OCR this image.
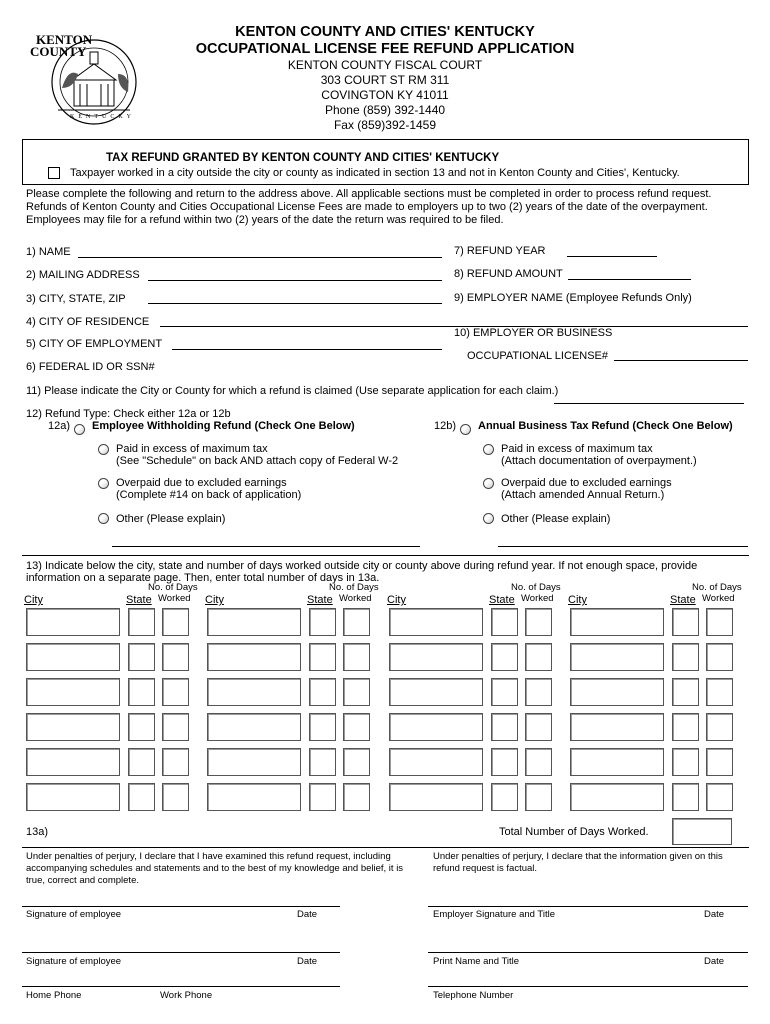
KENTON
COUNTY
KENTUCKY
KENTON COUNTY AND CITIES' KENTUCKY
OCCUPATIONAL LICENSE FEE REFUND APPLICATION
KENTON COUNTY FISCAL COURT
303 COURT ST RM 311
COVINGTON KY 41011
Phone (859) 392-1440
Fax (859)392-1459
TAX REFUND GRANTED BY KENTON COUNTY AND CITIES' KENTUCKY
Taxpayer worked in a city outside the city or county as indicated in section 13 and not in Kenton County and Cities', Kentucky.
Please complete the following and return to the address above. All applicable sections must be completed in order to process refund request.
Refunds of Kenton County and Cities Occupational License Fees are made to employers up to two (2) years of the date of the overpayment.
Employees may file for a refund within two (2) years of the date the return was required to be filed.
1) NAME
2) MAILING ADDRESS
3) CITY, STATE, ZIP
4) CITY OF RESIDENCE
5) CITY OF EMPLOYMENT
6) FEDERAL ID OR SSN#
7) REFUND YEAR
8) REFUND AMOUNT
9) EMPLOYER NAME (Employee Refunds Only)
10) EMPLOYER OR BUSINESS
OCCUPATIONAL LICENSE#
11) Please indicate the City or County for which a refund is claimed (Use separate application for each claim.)
12) Refund Type: Check either 12a or 12b
12a) Employee Withholding Refund (Check One Below)	12b) Annual Business Tax Refund (Check One Below)
Paid in excess of maximum tax
(See "Schedule" on back AND attach copy of Federal W-2
Overpaid due to excluded earnings
(Complete #14 on back of application)
Other (Please explain)
Paid in excess of maximum tax
(Attach documentation of overpayment.)
Overpaid due to excluded earnings
(Attach amended Annual Return.)
Other (Please explain)
13) Indicate below the city, state and number of days worked outside city or county above during refund year. If not enough space, provide
information on a separate page. Then, enter total number of days in 13a.
City	State
No. of Days
Worked City	State
No. of Days
Worked City	State
No. of Days
Worked City	State
No. of Days
Worked
13a)	Total Number of Days Worked.
Under penalties of perjury, I declare that I have examined this refund request, including accompanying schedules and statements and to the best of my knowledge and belief, it is true, correct and complete.
Under penalties of perjury, I declare that the information given on this refund request is factual.
Signature of employee	Date	Employer Signature and Title	Date
Signature of employee	Date	Print Name and Title	Date
Home Phone	Work Phone	Telephone Number
